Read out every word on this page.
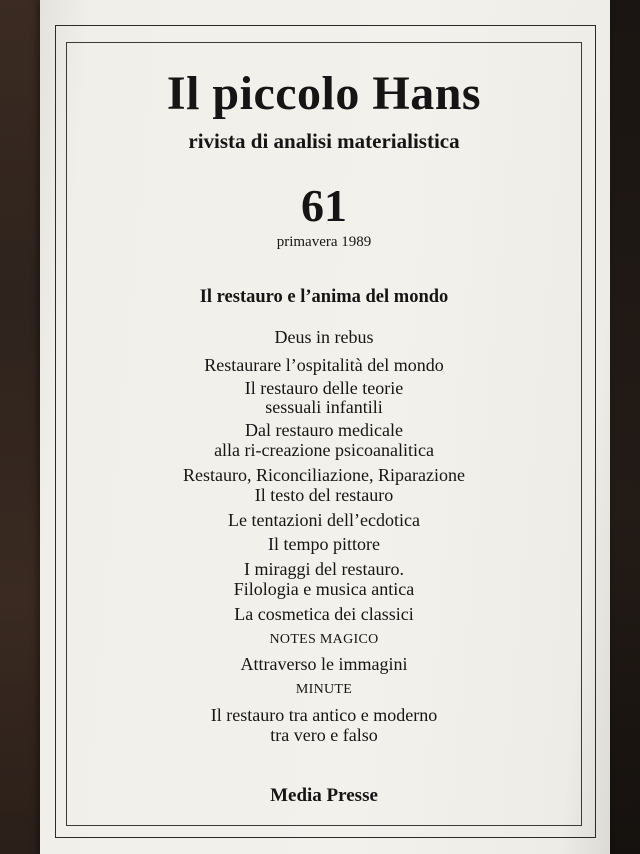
Il piccolo Hans
rivista di analisi materialistica
61
primavera 1989
Il restauro e l’anima del mondo
Deus in rebus
Restaurare l’ospitalità del mondo
Il restauro delle teorie
sessuali infantili
Dal restauro medicale
alla ri-creazione psicoanalitica
Restauro, Riconciliazione, Riparazione
Il testo del restauro
Le tentazioni dell’ecdotica
Il tempo pittore
I miraggi del restauro.
Filologia e musica antica
La cosmetica dei classici
NOTES MAGICO
Attraverso le immagini
MINUTE
Il restauro tra antico e moderno
tra vero e falso
Media Presse
